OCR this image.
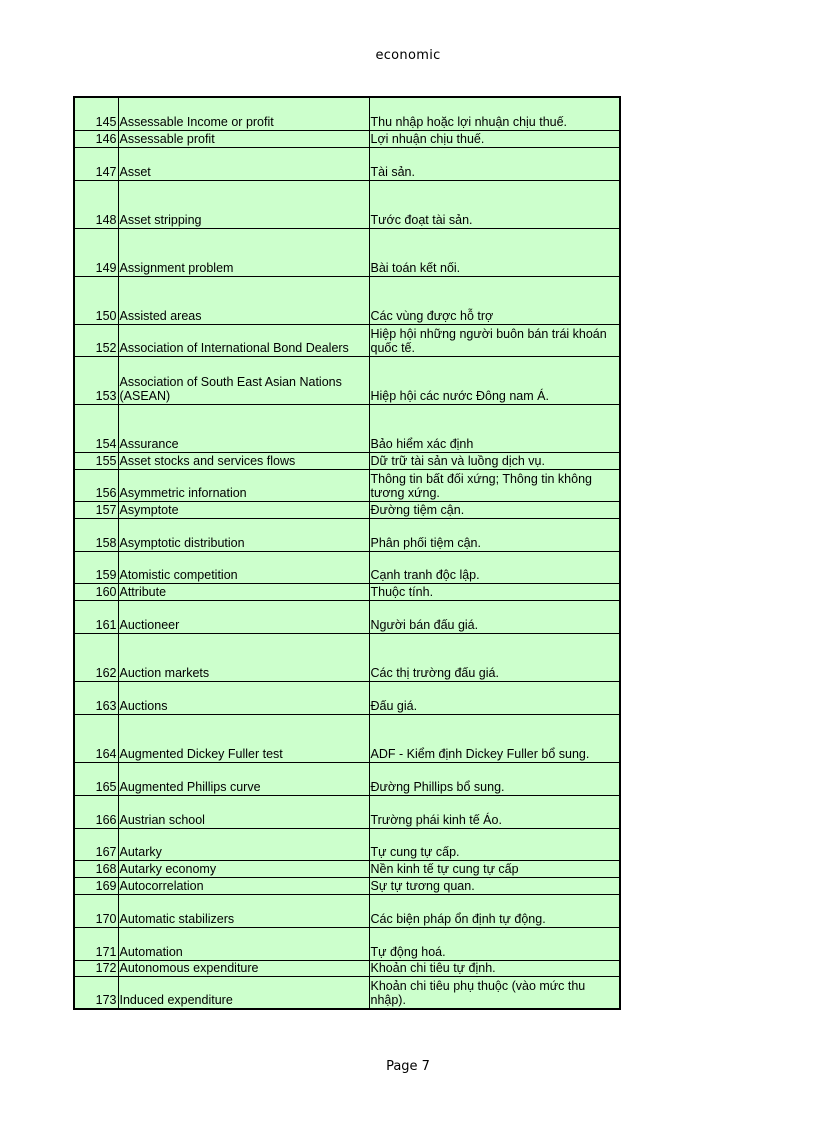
economic
145	Assessable Income or profit	Thu nhập hoặc lợi nhuận chịu thuế.
146	Assessable profit	Lợi nhuận chịu thuế.
147	Asset	Tài sản.
148	Asset stripping	Tước đoạt tài sản.
149	Assignment problem	Bài toán kết nối.
150	Assisted areas	Các vùng được hỗ trợ
152	Association of International Bond Dealers	Hiệp hội những người buôn bán trái khoán quốc tế.
153	Association of South East Asian Nations (ASEAN)	Hiệp hội các nước Đông nam Á.
154	Assurance	Bảo hiểm xác định
155	Asset stocks and services flows	Dữ trữ tài sản và luồng dịch vụ.
156	Asymmetric infornation	Thông tin bất đối xứng; Thông tin không tương xứng.
157	Asymptote	Đường tiệm cận.
158	Asymptotic distribution	Phân phối tiệm cận.
159	Atomistic competition	Cạnh tranh độc lập.
160	Attribute	Thuộc tính.
161	Auctioneer	Người bán đấu giá.
162	Auction markets	Các thị trường đấu giá.
163	Auctions	Đấu giá.
164	Augmented Dickey Fuller test	ADF - Kiểm định Dickey Fuller bổ sung.
165	Augmented Phillips curve	Đường Phillips bổ sung.
166	Austrian school	Trường phái kinh tế Áo.
167	Autarky	Tự cung tự cấp.
168	Autarky economy	Nền kinh tế tự cung tự cấp
169	Autocorrelation	Sự tự tương quan.
170	Automatic stabilizers	Các biện pháp ổn định tự động.
171	Automation	Tự động hoá.
172	Autonomous expenditure	Khoản chi tiêu tự định.
173	Induced expenditure	Khoản chi tiêu phụ thuộc (vào mức thu nhập).
Page 7
